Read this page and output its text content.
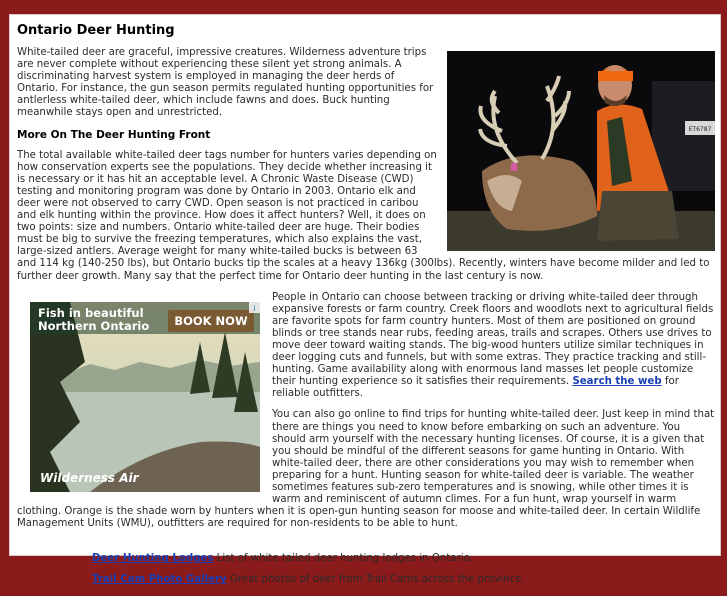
Ontario Deer Hunting
ET6787

White-tailed deer are graceful, impressive creatures. Wilderness adventure trips are never complete without experiencing these silent yet strong animals. A discriminating harvest system is employed in managing the deer herds of Ontario. For instance, the gun season permits regulated hunting opportunities for antlerless white-tailed deer, which include fawns and does. Buck hunting meanwhile stays open and unrestricted.

More On The Deer Hunting Front

The total available white-tailed deer tags number for hunters varies depending on how conservation experts see the populations. They decide whether increasing it is necessary or it has hit an acceptable level. A Chronic Waste Disease (CWD) testing and monitoring program was done by Ontario in 2003. Ontario elk and deer were not observed to carry CWD. Open season is not practiced in caribou and elk hunting within the province. How does it affect hunters? Well, it does on two points: size and numbers. Ontario white-tailed deer are huge. Their bodies must be big to survive the freezing temperatures, which also explains the vast, large-sized antlers. Average weight for many white-tailed bucks is between 63 and 114 kg (140-250 lbs), but Ontario bucks tip the scales at a heavy 136kg (300lbs). Recently, winters have become milder and led to further deer growth. Many say that the perfect time for Ontario deer hunting in the last century is now.

Fish in beautiful
Northern Ontario BOOK NOW
i
Wilderness Air

People in Ontario can choose between tracking or driving white-tailed deer through expansive forests or farm country. Creek floors and woodlots next to agricultural fields are favorite spots for farm country hunters. Most of them are positioned on ground blinds or tree stands near rubs, feeding areas, trails and scrapes. Others use drives to move deer toward waiting stands. The big-wood hunters utilize similar techniques in deer logging cuts and funnels, but with some extras. They practice tracking and still-hunting. Game availability along with enormous land masses let people customize their hunting experience so it satisfies their requirements. Search the web for reliable outfitters.

You can also go online to find trips for hunting white-tailed deer. Just keep in mind that there are things you need to know before embarking on such an adventure. You should arm yourself with the necessary hunting licenses. Of course, it is a given that you should be mindful of the different seasons for game hunting in Ontario. With white-tailed deer, there are other considerations you may wish to remember when preparing for a hunt. Hunting season for white-tailed deer is variable. The weather sometimes features sub-zero temperatures and is snowing, while other times it is warm and reminiscent of autumn climes. For a fun hunt, wrap yourself in warm clothing. Orange is the shade worn by hunters when it is open-gun hunting season for moose and white-tailed deer. In certain Wildlife Management Units (WMU), outfitters are required for non-residents to be able to hunt.

Deer Hunting Lodges List of white tailed deer hunting lodges in Ontario.

Trail Cam Photo Gallery Great photos of deer from Trail Cams across the province.
